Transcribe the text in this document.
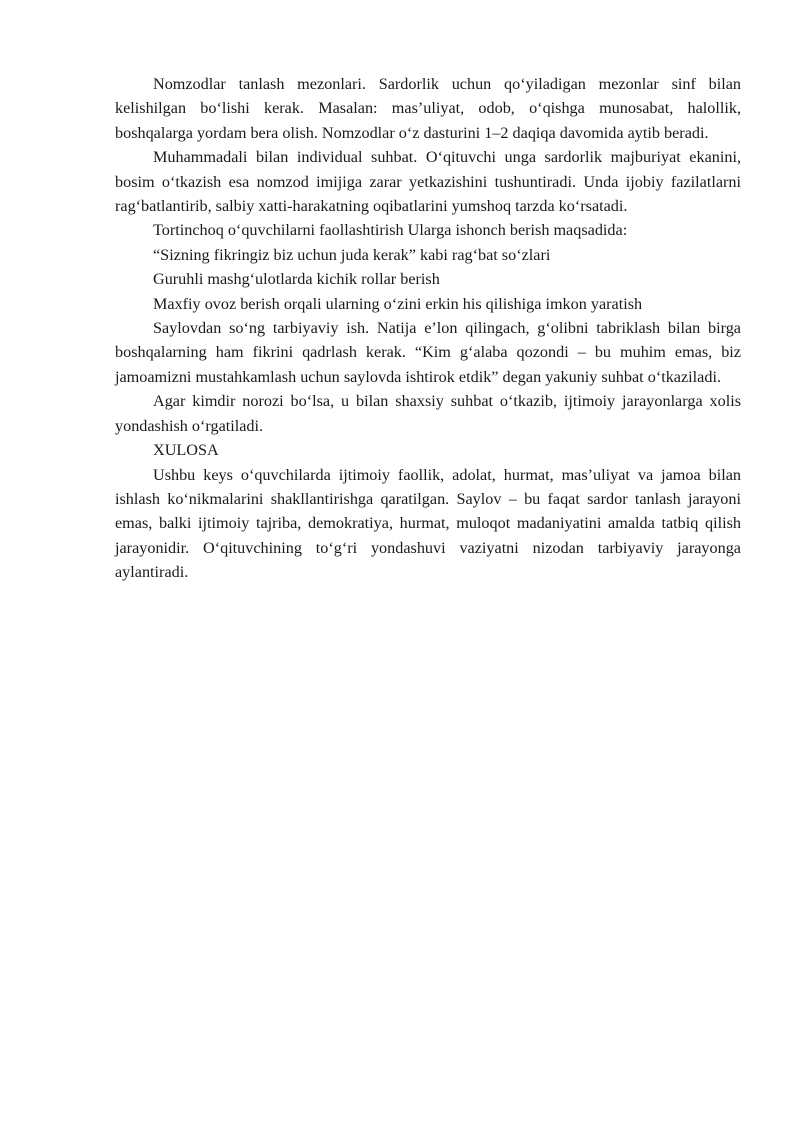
Nomzodlar tanlash mezonlari. Sardorlik uchun qo‘yiladigan mezonlar sinf bilan kelishilgan bo‘lishi kerak. Masalan: mas’uliyat, odob, o‘qishga munosabat, halollik, boshqalarga yordam bera olish. Nomzodlar o‘z dasturini 1–2 daqiqa davomida aytib beradi.

Muhammadali bilan individual suhbat. O‘qituvchi unga sardorlik majburiyat ekanini, bosim o‘tkazish esa nomzod imijiga zarar yetkazishini tushuntiradi. Unda ijobiy fazilatlarni rag‘batlantirib, salbiy xatti-harakatning oqibatlarini yumshoq tarzda ko‘rsatadi.

Tortinchoq o‘quvchilarni faollashtirish Ularga ishonch berish maqsadida:

“Sizning fikringiz biz uchun juda kerak” kabi rag‘bat so‘zlari

Guruhli mashg‘ulotlarda kichik rollar berish

Maxfiy ovoz berish orqali ularning o‘zini erkin his qilishiga imkon yaratish

Saylovdan so‘ng tarbiyaviy ish. Natija e’lon qilingach, g‘olibni tabriklash bilan birga boshqalarning ham fikrini qadrlash kerak. “Kim g‘alaba qozondi – bu muhim emas, biz jamoamizni mustahkamlash uchun saylovda ishtirok etdik” degan yakuniy suhbat o‘tkaziladi.

Agar kimdir norozi bo‘lsa, u bilan shaxsiy suhbat o‘tkazib, ijtimoiy jarayonlarga xolis yondashish o‘rgatiladi.

XULOSA

Ushbu keys o‘quvchilarda ijtimoiy faollik, adolat, hurmat, mas’uliyat va jamoa bilan ishlash ko‘nikmalarini shakllantirishga qaratilgan. Saylov – bu faqat sardor tanlash jarayoni emas, balki ijtimoiy tajriba, demokratiya, hurmat, muloqot madaniyatini amalda tatbiq qilish jarayonidir. O‘qituvchining to‘g‘ri yondashuvi vaziyatni nizodan tarbiyaviy jarayonga aylantiradi.
